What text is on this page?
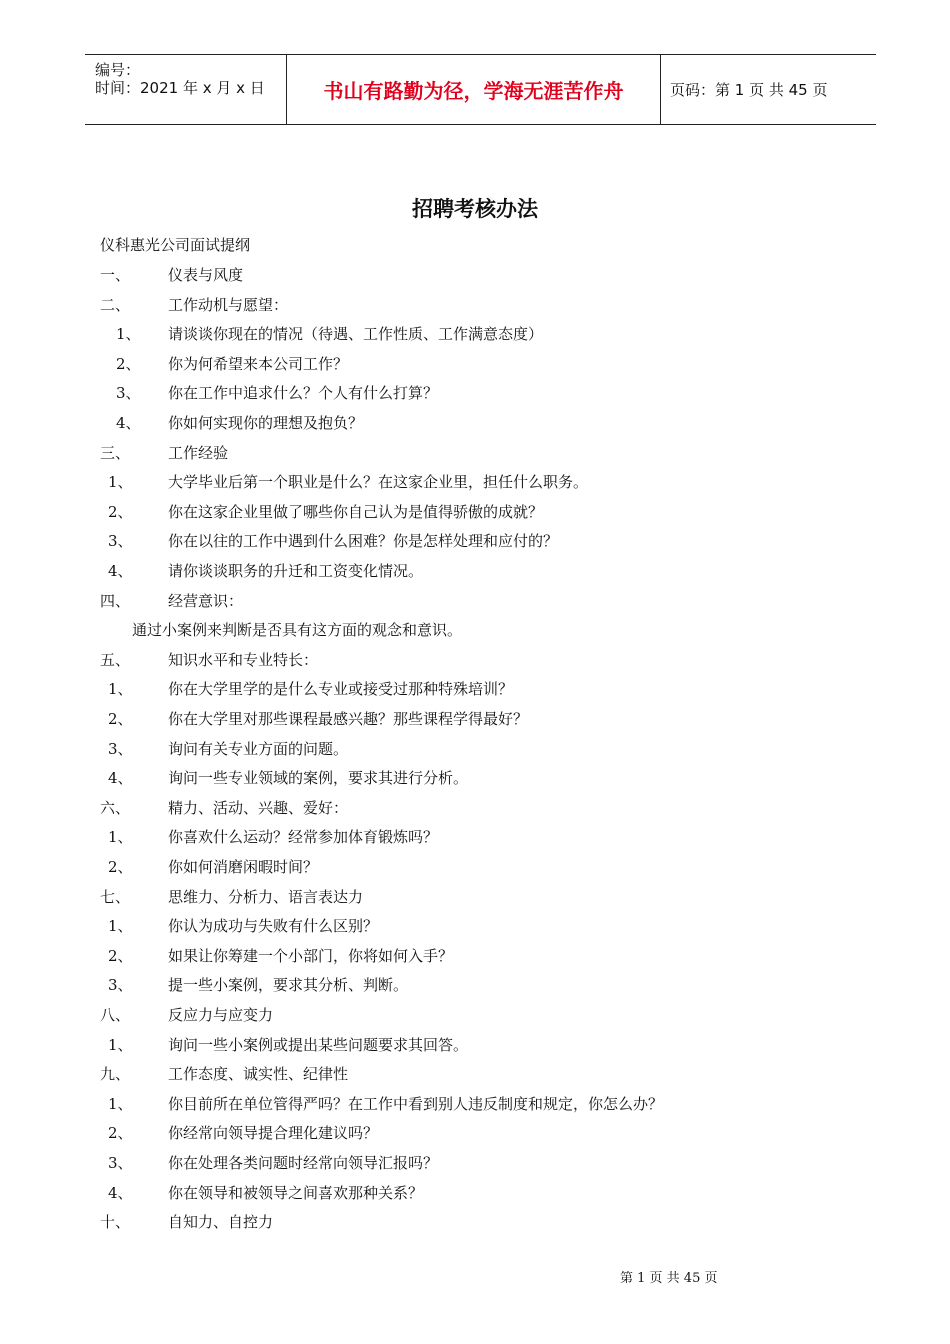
编号：
时间：2021 年 x 月 x 日	书山有路勤为径，学海无涯苦作舟	页码：第 1 页 共 45 页
招聘考核办法
仪科惠光公司面试提纲
一、	仪表与风度
二、	工作动机与愿望：
1、 请谈谈你现在的情况（待遇、工作性质、工作满意态度）
2、 你为何希望来本公司工作？
3、 你在工作中追求什么？个人有什么打算？
4、 你如何实现你的理想及抱负？
三、	工作经验
1、 大学毕业后第一个职业是什么？在这家企业里，担任什么职务。
2、 你在这家企业里做了哪些你自己认为是值得骄傲的成就？
3、 你在以往的工作中遇到什么困难？你是怎样处理和应付的？
4、 请你谈谈职务的升迁和工资变化情况。
四、	经营意识：
通过小案例来判断是否具有这方面的观念和意识。
五、	知识水平和专业特长：
1、 你在大学里学的是什么专业或接受过那种特殊培训？
2、 你在大学里对那些课程最感兴趣？那些课程学得最好？
3、 询问有关专业方面的问题。
4、 询问一些专业领域的案例，要求其进行分析。
六、	精力、活动、兴趣、爱好：
1、 你喜欢什么运动？经常参加体育锻炼吗？
2、 你如何消磨闲暇时间？
七、	思维力、分析力、语言表达力
1、 你认为成功与失败有什么区别？
2、 如果让你筹建一个小部门，你将如何入手？
3、 提一些小案例，要求其分析、判断。
八、	反应力与应变力
1、 询问一些小案例或提出某些问题要求其回答。
九、	工作态度、诚实性、纪律性
1、 你目前所在单位管得严吗？在工作中看到别人违反制度和规定，你怎么办？
2、 你经常向领导提合理化建议吗？
3、 你在处理各类问题时经常向领导汇报吗？
4、 你在领导和被领导之间喜欢那种关系？
十、	自知力、自控力
第 1 页 共 45 页
